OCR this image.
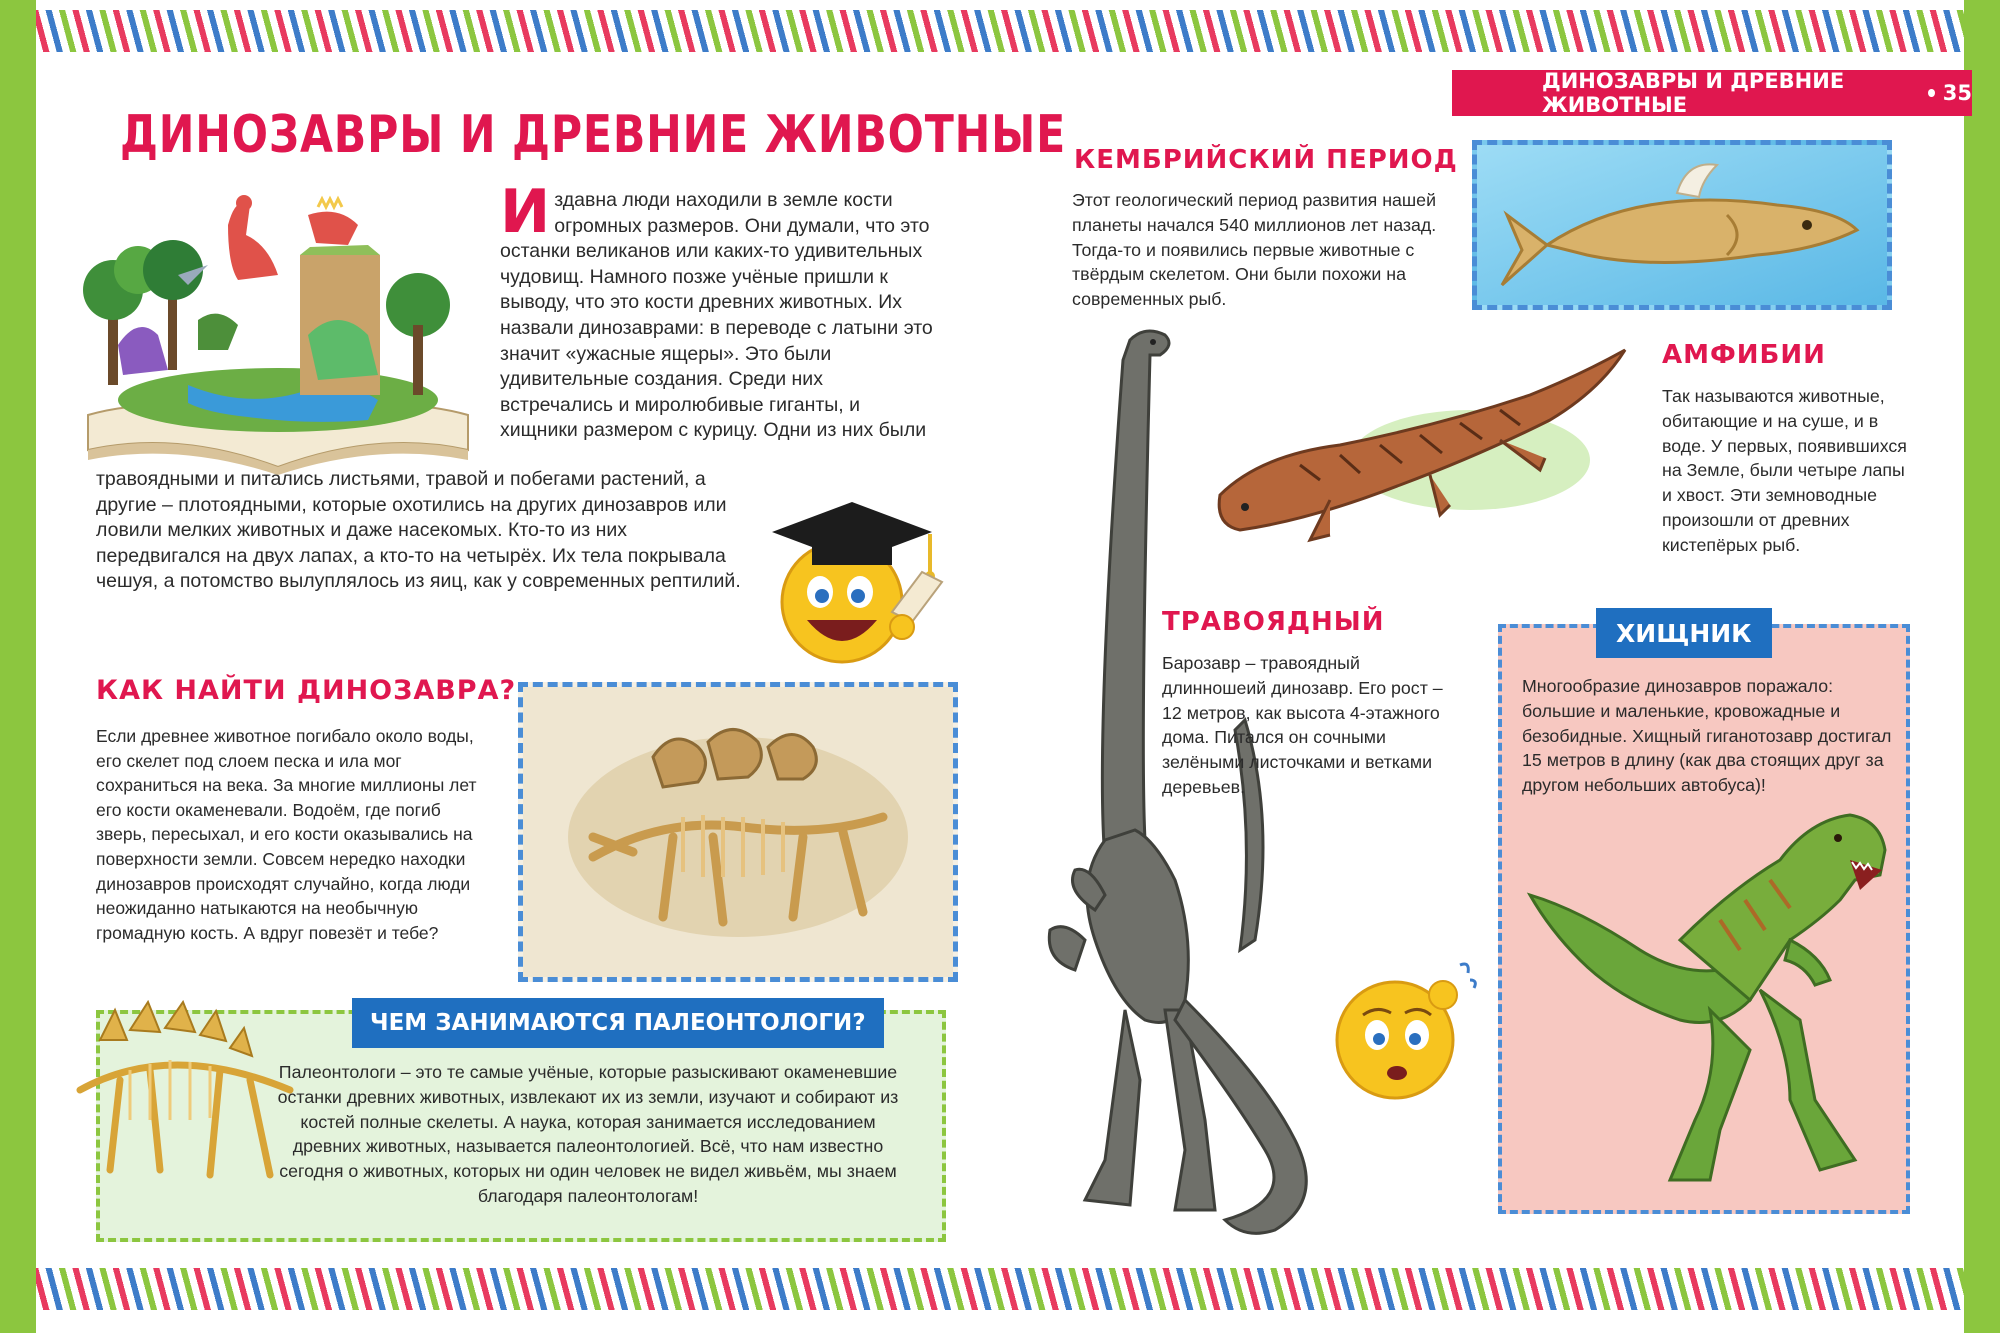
ДИНОЗАВРЫ И ДРЕВНИЕ ЖИВОТНЫЕ	35
ДИНОЗАВРЫ И ДРЕВНИЕ ЖИВОТНЫЕ
Издавна люди находили в земле кости огромных размеров. Они думали, что это останки великанов или каких-то удивительных чудовищ. Намного позже учёные пришли к выводу, что это кости древних животных. Их назвали динозаврами: в переводе с латыни это значит «ужасные ящеры». Это были удивительные создания. Среди них встречались и миролюбивые гиганты, и хищники размером с курицу. Одни из них были
травоядными и питались листьями, травой и побегами растений, а другие – плотоядными, которые охотились на других динозавров или ловили мелких животных и даже насекомых. Кто-то из них передвигался на двух лапах, а кто-то на четырёх. Их тела покрывала чешуя, а потомство вылуплялось из яиц, как у современных рептилий.
КАК НАЙТИ ДИНОЗАВРА?
Если древнее животное погибало около воды, его скелет под слоем песка и ила мог сохраниться на века. За многие миллионы лет его кости окаменевали. Водоём, где погиб зверь, пересыхал, и его кости оказывались на поверхности земли. Совсем нередко находки динозавров происходят случайно, когда люди неожиданно натыкаются на необычную громадную кость. А вдруг повезёт и тебе?
ЧЕМ ЗАНИМАЮТСЯ ПАЛЕОНТОЛОГИ?
Палеонтологи – это те самые учёные, которые разыскивают окаменевшие останки древних животных, извлекают их из земли, изучают и собирают из костей полные скелеты. А наука, которая занимается исследованием древних животных, называется палеонтологией. Всё, что нам известно сегодня о животных, которых ни один человек не видел живьём, мы знаем благодаря палеонтологам!
КЕМБРИЙСКИЙ ПЕРИОД
Этот геологический период развития нашей планеты начался 540 миллионов лет назад. Тогда-то и появились первые животные с твёрдым скелетом. Они были похожи на современных рыб.
АМФИБИИ
Так называются животные, обитающие и на суше, и в воде. У первых, появившихся на Земле, были четыре лапы и хвост. Эти земноводные произошли от древних кистепёрых рыб.
ТРАВОЯДНЫЙ
Барозавр – травоядный длинношеий динозавр. Его рост – 12 метров, как высота 4-этажного дома. Питался он сочными зелёными листочками и ветками деревьев.
ХИЩНИК
Многообразие динозавров поражало: большие и маленькие, кровожадные и безобидные. Хищный гиганотозавр достигал 15 метров в длину (как два стоящих друг за другом небольших автобуса)!
